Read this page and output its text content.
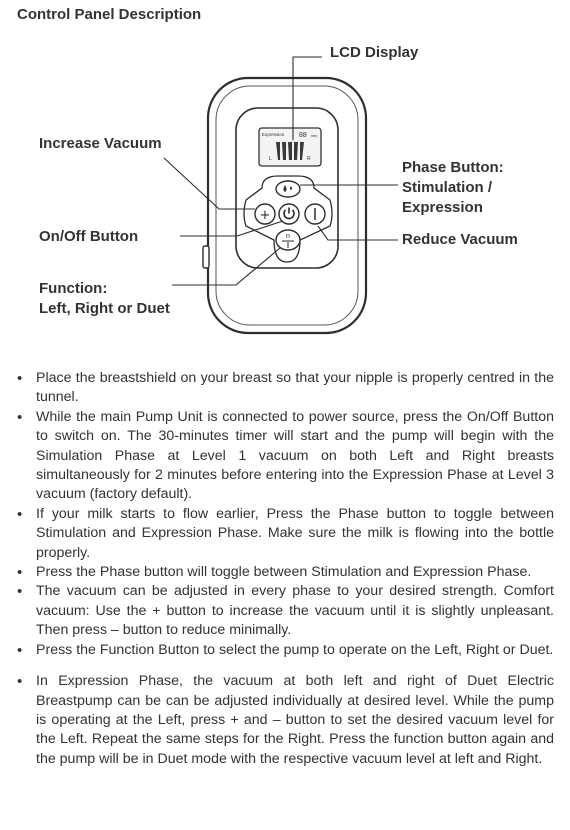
Control Panel Description
Expression 88 min
L	R
+
n
LCD Display
Increase Vacuum
On/Off Button
Function:
Left, Right or Duet
Phase Button:
Stimulation /
Expression
Reduce Vacuum
• Place the breastshield on your breast so that your nipple is properly centred in the tunnel.
• While the main Pump Unit is connected to power source, press the On/Off Button to switch on. The 30-minutes timer will start and the pump will begin with the Simulation Phase at Level 1 vacuum on both Left and Right breasts simultaneously for 2 minutes before entering into the Expression Phase at Level 3 vacuum (factory default).
• If your milk starts to flow earlier, Press the Phase button to toggle between Stimulation and Expression Phase. Make sure the milk is flowing into the bottle properly.
• Press the Phase button will toggle between Stimulation and Expression Phase.
• The vacuum can be adjusted in every phase to your desired strength. Comfort vacuum: Use the + button to increase the vacuum until it is slightly unpleasant. Then press – button to reduce minimally.
• Press the Function Button to select the pump to operate on the Left, Right or Duet.
• In Expression Phase, the vacuum at both left and right of Duet Electric Breastpump can be can be adjusted individually at desired level. While the pump is operating at the Left, press + and – button to set the desired vacuum level for the Left. Repeat the same steps for the Right. Press the function button again and the pump will be in Duet mode with the respective vacuum level at left and Right.
